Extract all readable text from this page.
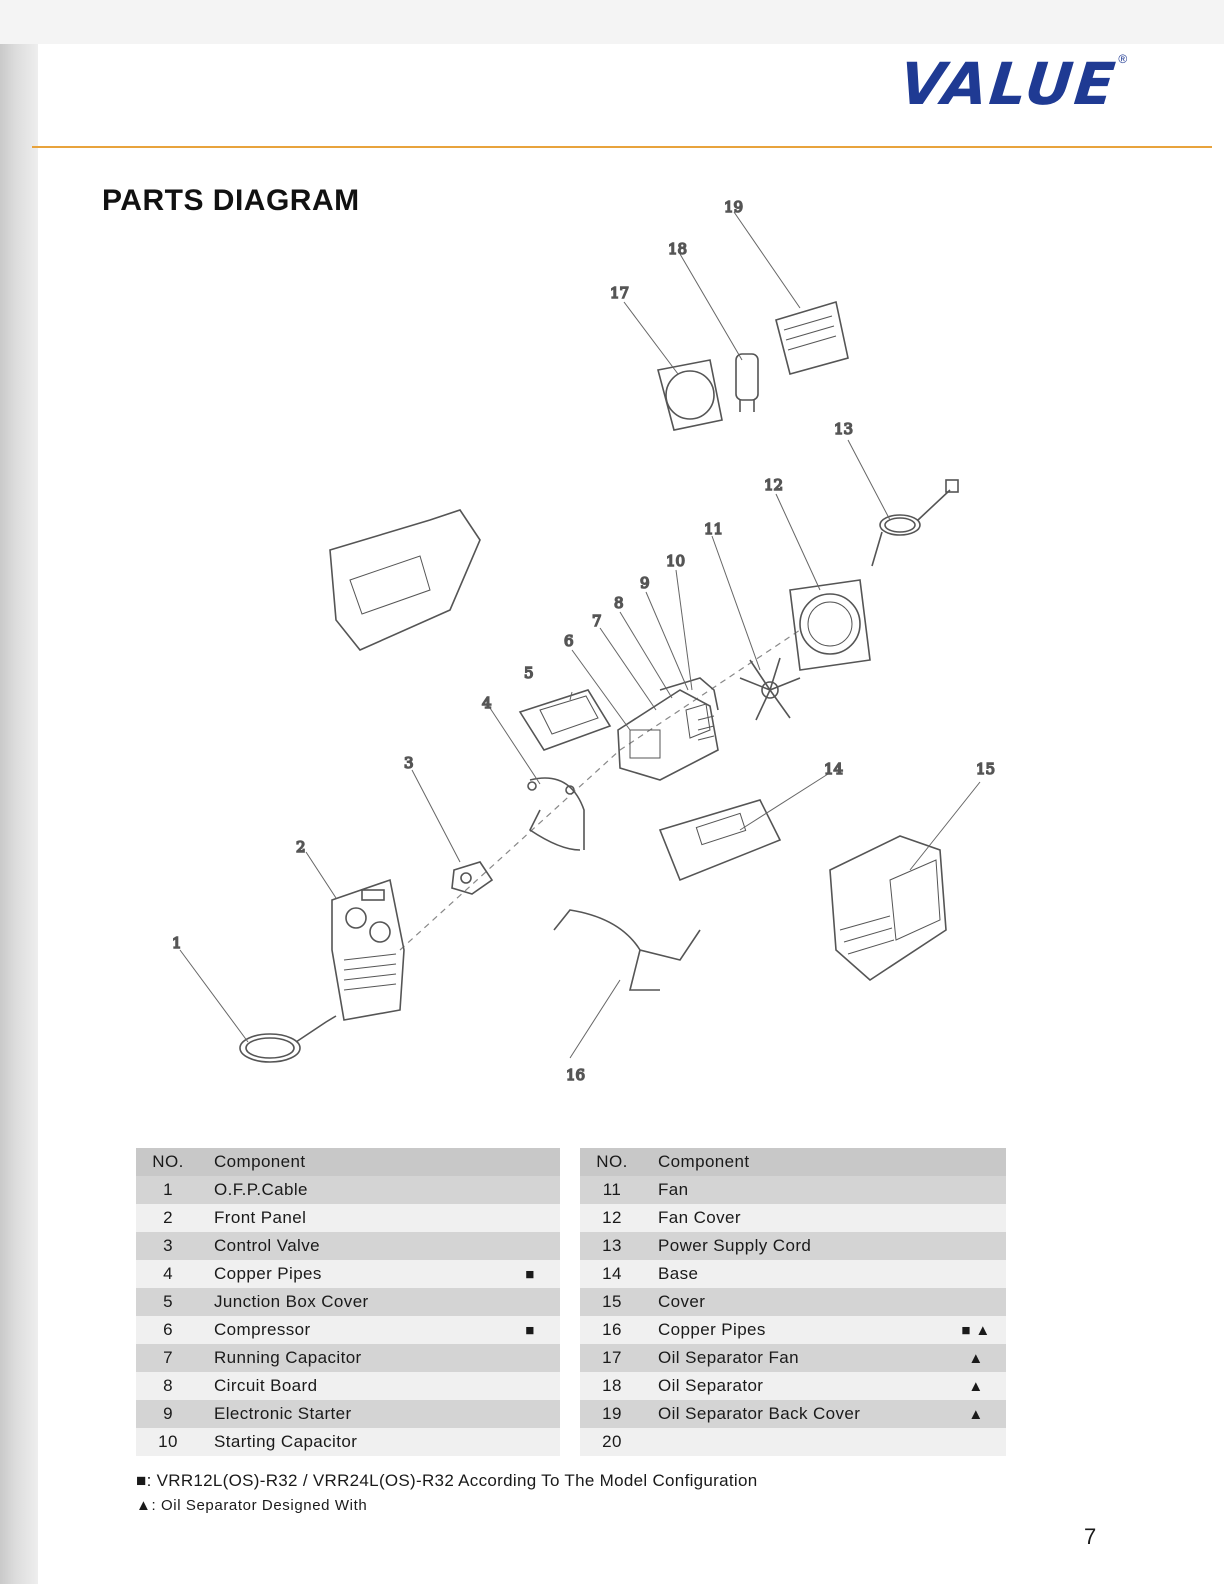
VALUE
®
PARTS DIAGRAM
1
2
3
4
5
6
7
8
9
10
11
12
13
14	15
16
17
18
19
NO.	Component	
1	O.F.P.Cable	
2	Front Panel	
3	Control Valve	
4	Copper Pipes	■
5	Junction Box Cover	
6	Compressor	■
7	Running Capacitor	
8	Circuit Board	
9	Electronic Starter	
10	Starting Capacitor	
NO.	Component	
11	Fan	
12	Fan Cover	
13	Power Supply Cord	
14	Base	
15	Cover	
16	Copper Pipes	■ ▲
17	Oil Separator Fan	▲
18	Oil Separator	▲
19	Oil Separator Back Cover	▲
20		
■: VRR12L(OS)-R32 / VRR24L(OS)-R32 According To The Model Configuration
▲: Oil Separator Designed With
7
